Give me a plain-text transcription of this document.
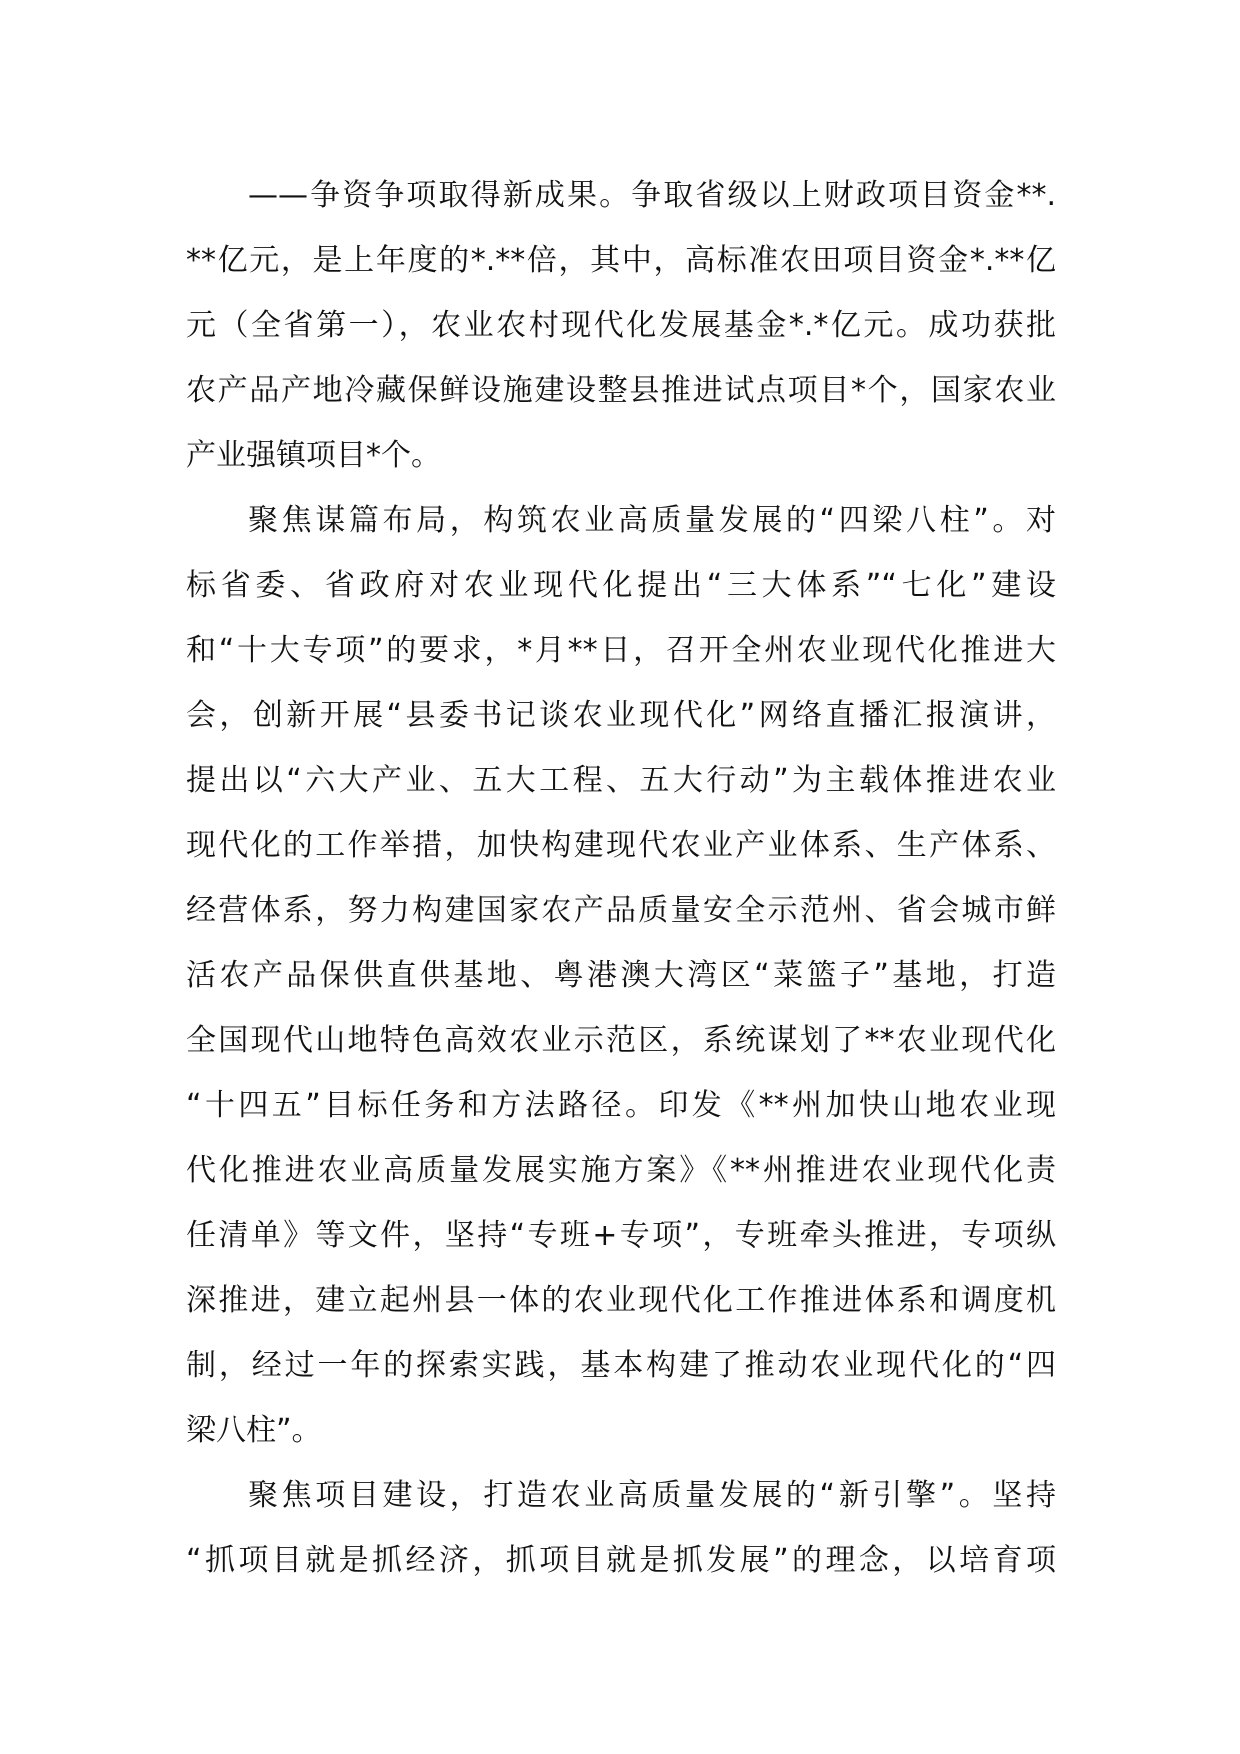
——争资争项取得新成果。争取省级以上财政项目资金**.
**亿元，是上年度的*.**倍，其中，高标准农田项目资金*.**亿
元（全省第一），农业农村现代化发展基金*.*亿元。成功获批
农产品产地冷藏保鲜设施建设整县推进试点项目*个，国家农业
产业强镇项目*个。
聚焦谋篇布局，构筑农业高质量发展的“四梁八柱”。对
标省委、省政府对农业现代化提出“三大体系”“七化”建设
和“十大专项”的要求，*月**日，召开全州农业现代化推进大
会，创新开展“县委书记谈农业现代化”网络直播汇报演讲，
提出以“六大产业、五大工程、五大行动”为主载体推进农业
现代化的工作举措，加快构建现代农业产业体系、生产体系、
经营体系，努力构建国家农产品质量安全示范州、省会城市鲜
活农产品保供直供基地、粤港澳大湾区“菜篮子”基地，打造
全国现代山地特色高效农业示范区，系统谋划了**农业现代化
“十四五”目标任务和方法路径。印发《**州加快山地农业现
代化推进农业高质量发展实施方案》《**州推进农业现代化责
任清单》等文件，坚持“专班+专项”，专班牵头推进，专项纵
深推进，建立起州县一体的农业现代化工作推进体系和调度机
制，经过一年的探索实践，基本构建了推动农业现代化的“四
梁八柱”。
聚焦项目建设，打造农业高质量发展的“新引擎”。坚持
“抓项目就是抓经济，抓项目就是抓发展”的理念，以培育项
